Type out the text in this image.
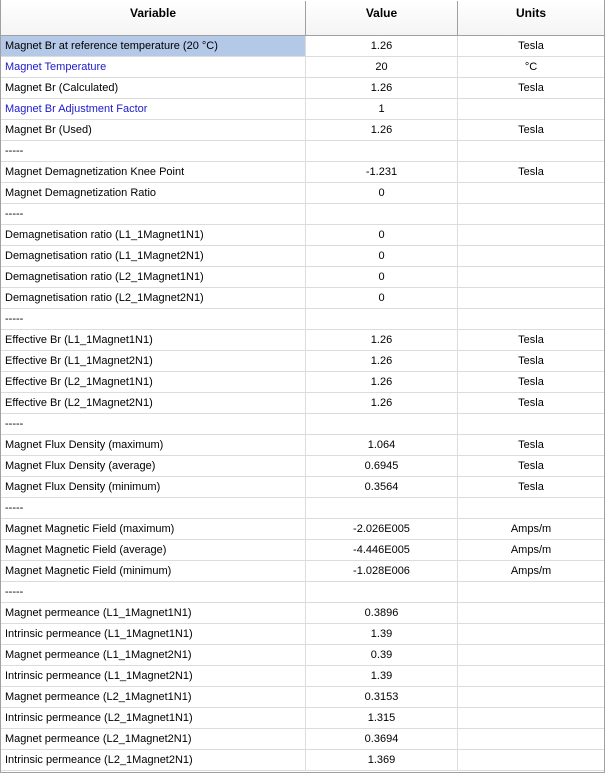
Variable	Value	Units
Magnet Br at reference temperature (20 °C)	1.26	Tesla
Magnet Temperature	20	°C
Magnet Br (Calculated)	1.26	Tesla
Magnet Br Adjustment Factor	1
Magnet Br (Used)	1.26	Tesla
-----
Magnet Demagnetization Knee Point	-1.231	Tesla
Magnet Demagnetization Ratio	0
-----
Demagnetisation ratio (L1_1Magnet1N1)	0
Demagnetisation ratio (L1_1Magnet2N1)	0
Demagnetisation ratio (L2_1Magnet1N1)	0
Demagnetisation ratio (L2_1Magnet2N1)	0
-----
Effective Br (L1_1Magnet1N1)	1.26	Tesla
Effective Br (L1_1Magnet2N1)	1.26	Tesla
Effective Br (L2_1Magnet1N1)	1.26	Tesla
Effective Br (L2_1Magnet2N1)	1.26	Tesla
-----
Magnet Flux Density (maximum)	1.064	Tesla
Magnet Flux Density (average)	0.6945	Tesla
Magnet Flux Density (minimum)	0.3564	Tesla
-----
Magnet Magnetic Field (maximum)	-2.026E005	Amps/m
Magnet Magnetic Field (average)	-4.446E005	Amps/m
Magnet Magnetic Field (minimum)	-1.028E006	Amps/m
-----
Magnet permeance (L1_1Magnet1N1)	0.3896
Intrinsic permeance (L1_1Magnet1N1)	1.39
Magnet permeance (L1_1Magnet2N1)	0.39
Intrinsic permeance (L1_1Magnet2N1)	1.39
Magnet permeance (L2_1Magnet1N1)	0.3153
Intrinsic permeance (L2_1Magnet1N1)	1.315
Magnet permeance (L2_1Magnet2N1)	0.3694
Intrinsic permeance (L2_1Magnet2N1)	1.369
